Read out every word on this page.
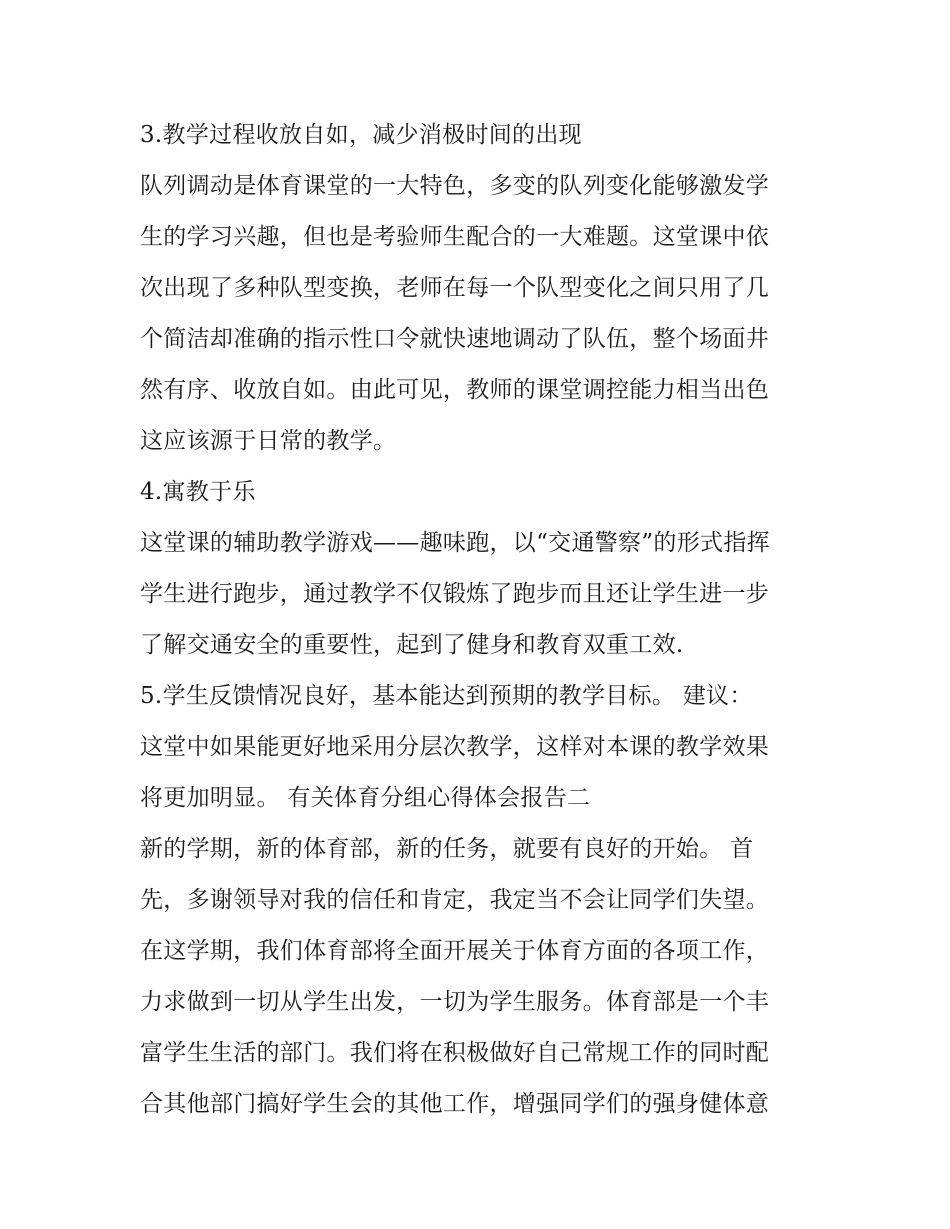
3.教学过程收放自如，减少消极时间的出现
队列调动是体育课堂的一大特色，多变的队列变化能够激发学
生的学习兴趣，但也是考验师生配合的一大难题。这堂课中依
次出现了多种队型变换，老师在每一个队型变化之间只用了几
个简洁却准确的指示性口令就快速地调动了队伍，整个场面井
然有序、收放自如。由此可见，教师的课堂调控能力相当出色
这应该源于日常的教学。
4.寓教于乐
这堂课的辅助教学游戏——趣味跑，以“交通警察”的形式指挥
学生进行跑步，通过教学不仅锻炼了跑步而且还让学生进一步
了解交通安全的重要性，起到了健身和教育双重工效.
5.学生反馈情况良好，基本能达到预期的教学目标。 建议：
这堂中如果能更好地采用分层次教学，这样对本课的教学效果
将更加明显。 有关体育分组心得体会报告二
新的学期，新的体育部，新的任务，就要有良好的开始。 首
先，多谢领导对我的信任和肯定，我定当不会让同学们失望。
在这学期，我们体育部将全面开展关于体育方面的各项工作，
力求做到一切从学生出发，一切为学生服务。体育部是一个丰
富学生生活的部门。我们将在积极做好自己常规工作的同时配
合其他部门搞好学生会的其他工作，增强同学们的强身健体意
